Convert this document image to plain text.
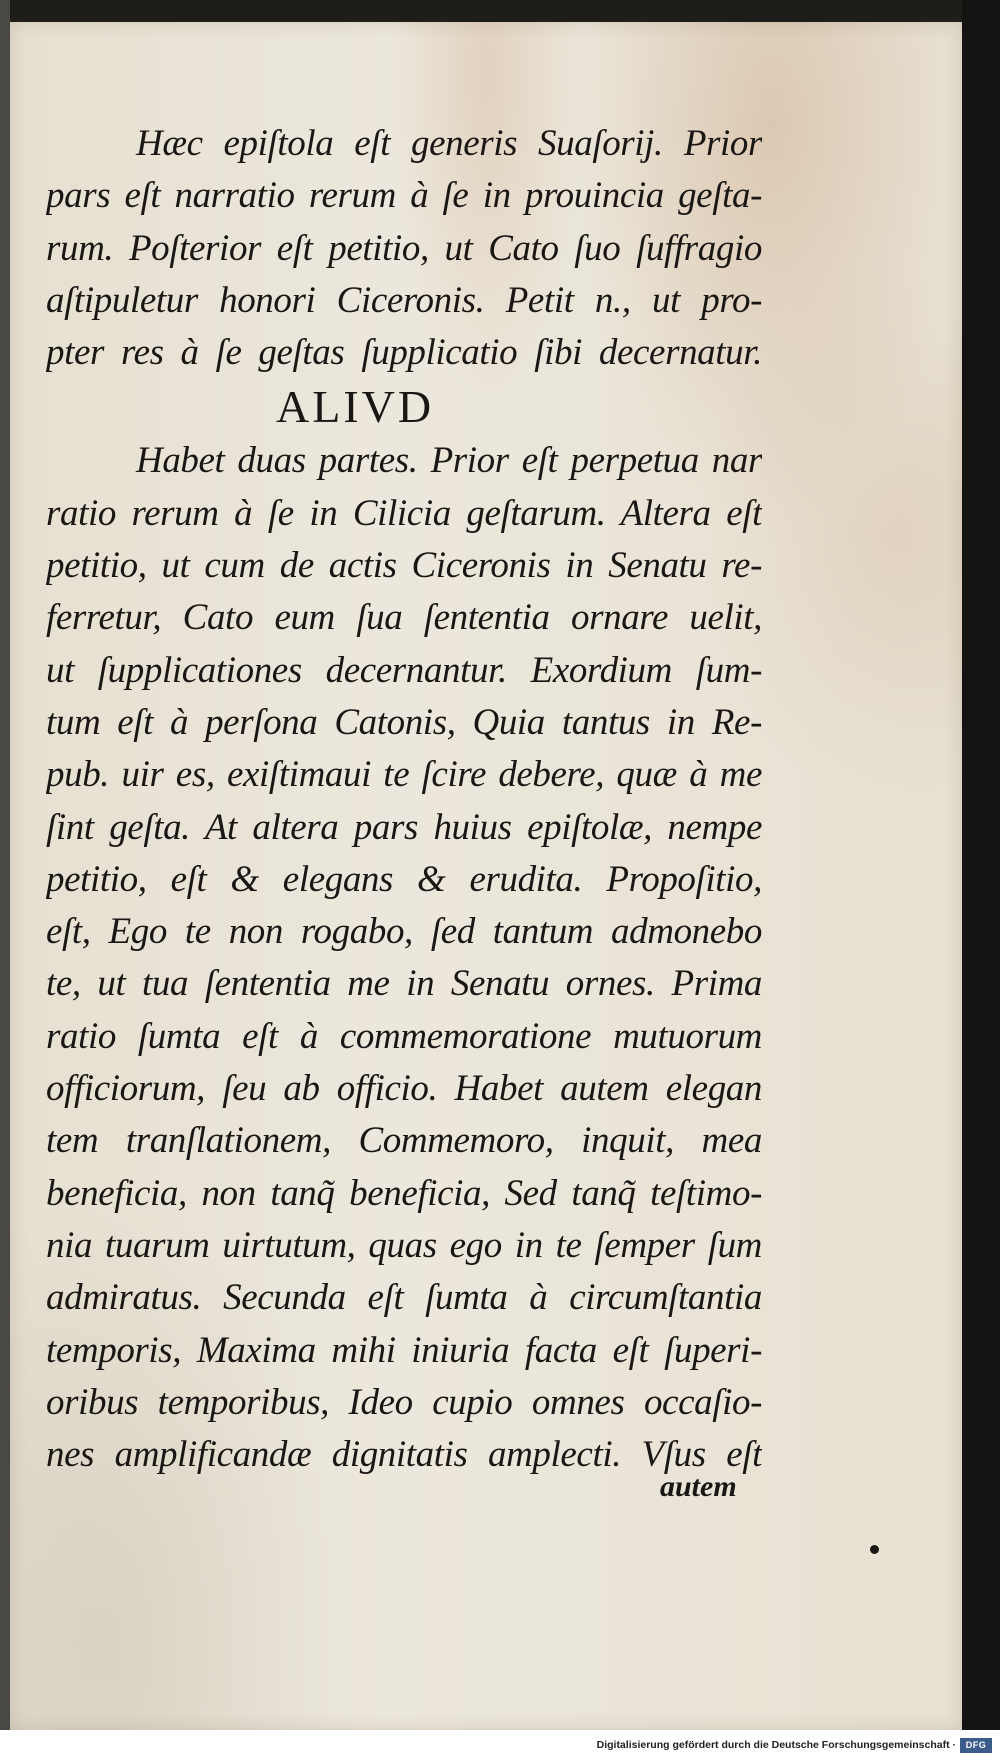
Hæc epiſtola eſt generis Suaſorij. Prior
pars eſt narratio rerum à ſe in prouincia geſta-
rum. Poſterior eſt petitio, ut Cato ſuo ſuffragio
aſtipuletur honori Ciceronis. Petit n., ut pro-
pter res à ſe geſtas ſupplicatio ſibi decernatur.
ALIVD
Habet duas partes. Prior eſt perpetua nar
ratio rerum à ſe in Cilicia geſtarum. Altera eſt
petitio, ut cum de actis Ciceronis in Senatu re-
ferretur, Cato eum ſua ſententia ornare uelit,
ut ſupplicationes decernantur. Exordium ſum-
tum eſt à perſona Catonis, Quia tantus in Re-
pub. uir es, exiſtimaui te ſcire debere, quæ à me
ſint geſta. At altera pars huius epiſtolæ, nempe
petitio, eſt & elegans & erudita. Propoſitio,
eſt, Ego te non rogabo, ſed tantum admonebo
te, ut tua ſententia me in Senatu ornes. Prima
ratio ſumta eſt à commemoratione mutuorum
officiorum, ſeu ab officio. Habet autem elegan
tem tranſlationem, Commemoro, inquit, mea
beneficia, non tanq̃ beneficia, Sed tanq̃ teſtimo-
nia tuarum uirtutum, quas ego in te ſemper ſum
admiratus. Secunda eſt ſumta à circumſtantia
temporis, Maxima mihi iniuria facta eſt ſuperi-
oribus temporibus, Ideo cupio omnes occaſio-
nes amplificandæ dignitatis amplecti. Vſus eſt
autem
Digitalisierung gefördert durch die Deutsche Forschungsgemeinschaft ·	DFG
